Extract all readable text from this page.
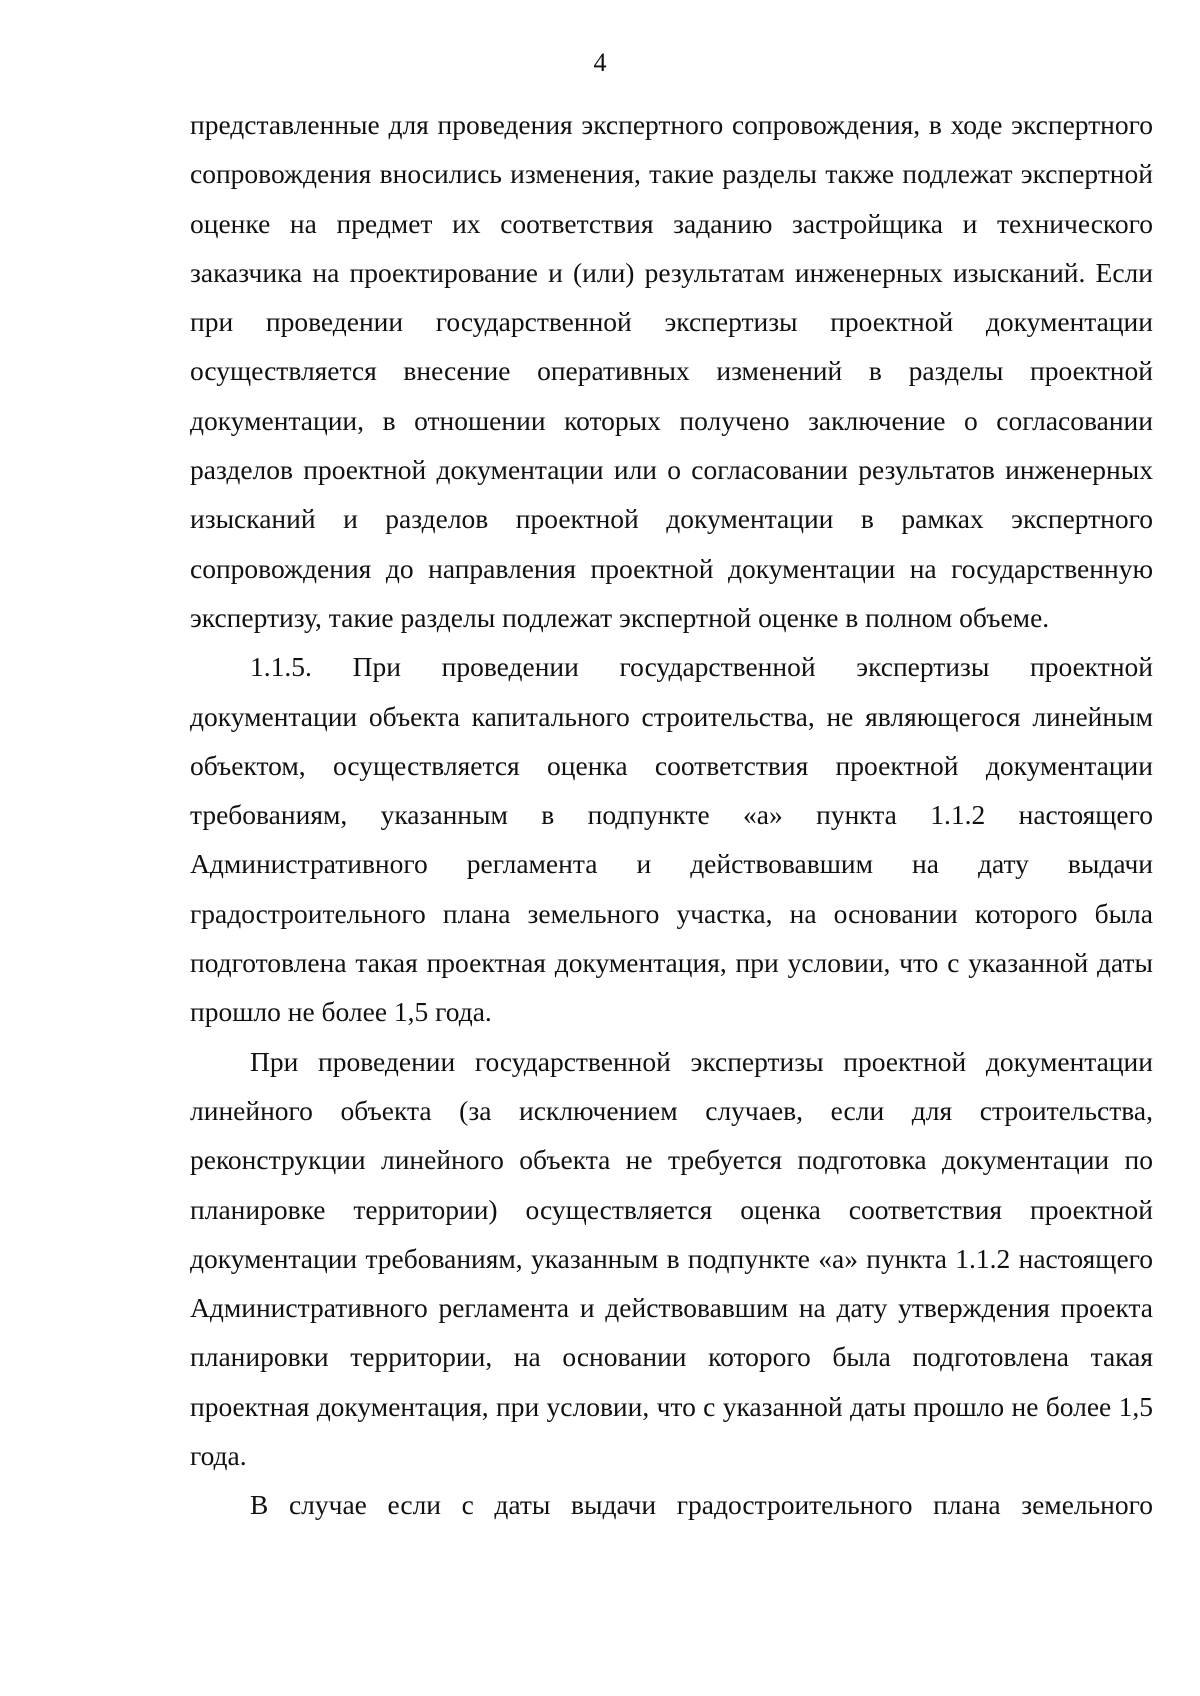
4

представленные для проведения экспертного сопровождения, в ходе экспертного сопровождения вносились изменения, такие разделы также подлежат экспертной оценке на предмет их соответствия заданию застройщика и технического заказчика на проектирование и (или) результатам инженерных изысканий. Если при проведении государственной экспертизы проектной документации осуществляется внесение оперативных изменений в разделы проектной документации, в отношении которых получено заключение о согласовании разделов проектной документации или о согласовании результатов инженерных изысканий и разделов проектной документации в рамках экспертного сопровождения до направления проектной документации на государственную экспертизу, такие разделы подлежат экспертной оценке в полном объеме.

1.1.5. При проведении государственной экспертизы проектной документации объекта капитального строительства, не являющегося линейным объектом, осуществляется оценка соответствия проектной документации требованиям, указанным в подпункте «а» пункта 1.1.2 настоящего Административного регламента и действовавшим на дату выдачи градостроительного плана земельного участка, на основании которого была подготовлена такая проектная документация, при условии, что с указанной даты прошло не более 1,5 года.

При проведении государственной экспертизы проектной документации линейного объекта (за исключением случаев, если для строительства, реконструкции линейного объекта не требуется подготовка документации по планировке территории) осуществляется оценка соответствия проектной документации требованиям, указанным в подпункте «а» пункта 1.1.2 настоящего Административного регламента и действовавшим на дату утверждения проекта планировки территории, на основании которого была подготовлена такая проектная документация, при условии, что с указанной даты прошло не более 1,5 года.

В случае если с даты выдачи градостроительного плана земельного
